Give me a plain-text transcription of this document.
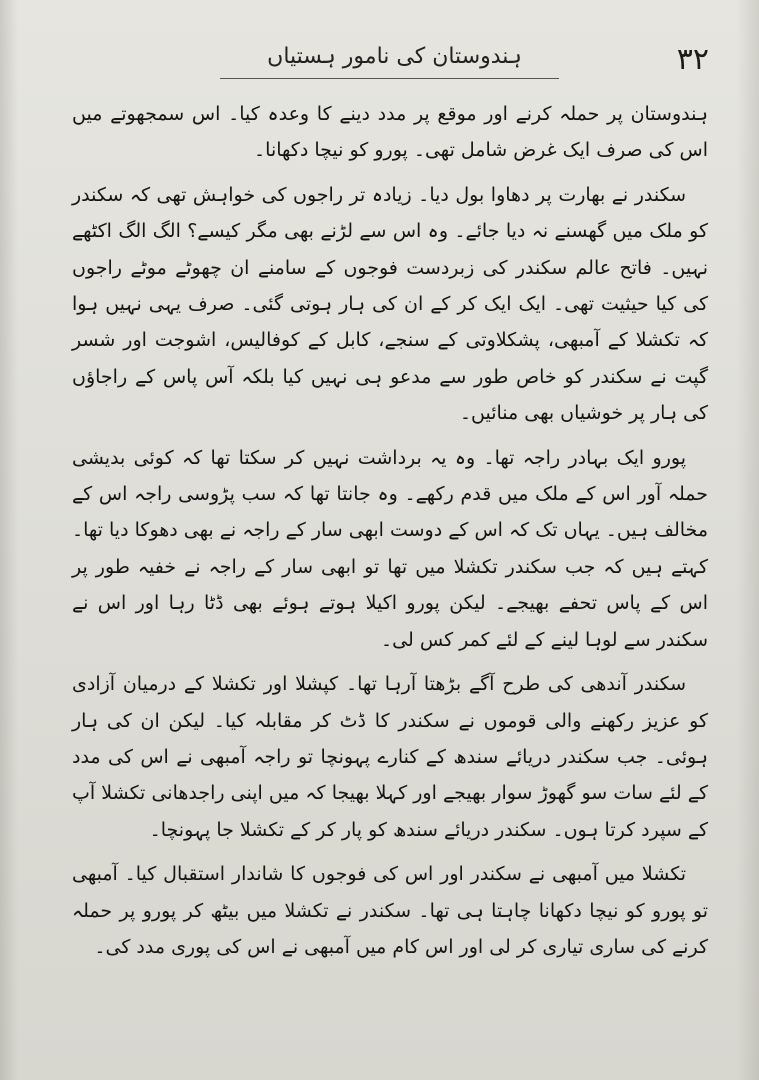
۳۲
ہندوستان کی نامور ہستیاں

ہندوستان پر حملہ کرنے اور موقع پر مدد دینے کا وعدہ کیا۔ اس سمجھوتے میں اس کی صرف ایک غرض شامل تھی۔ پورو کو نیچا دکھانا۔

سکندر نے بھارت پر دھاوا بول دیا۔ زیادہ تر راجوں کی خواہش تھی کہ سکندر کو ملک میں گھسنے نہ دیا جائے۔ وہ اس سے لڑنے بھی مگر کیسے؟ الگ الگ اکٹھے نہیں۔ فاتح عالم سکندر کی زبردست فوجوں کے سامنے ان چھوٹے موٹے راجوں کی کیا حیثیت تھی۔ ایک ایک کر کے ان کی ہار ہوتی گئی۔ صرف یہی نہیں ہوا کہ تکشلا کے آمبھی، پشکلاوتی کے سنجے، کابل کے کوفالیس، اشوجت اور شسر گپت نے سکندر کو خاص طور سے مدعو ہی نہیں کیا بلکہ آس پاس کے راجاؤں کی ہار پر خوشیاں بھی منائیں۔

پورو ایک بہادر راجہ تھا۔ وہ یہ برداشت نہیں کر سکتا تھا کہ کوئی بدیشی حملہ آور اس کے ملک میں قدم رکھے۔ وہ جانتا تھا کہ سب پڑوسی راجہ اس کے مخالف ہیں۔ یہاں تک کہ اس کے دوست ابھی سار کے راجہ نے بھی دھوکا دیا تھا۔ کہتے ہیں کہ جب سکندر تکشلا میں تھا تو ابھی سار کے راجہ نے خفیہ طور پر اس کے پاس تحفے بھیجے۔ لیکن پورو اکیلا ہوتے ہوئے بھی ڈٹا رہا اور اس نے سکندر سے لوہا لینے کے لئے کمر کس لی۔

سکندر آندھی کی طرح آگے بڑھتا آرہا تھا۔ کپشلا اور تکشلا کے درمیان آزادی کو عزیز رکھنے والی قوموں نے سکندر کا ڈٹ کر مقابلہ کیا۔ لیکن ان کی ہار ہوئی۔ جب سکندر دریائے سندھ کے کنارے پہونچا تو راجہ آمبھی نے اس کی مدد کے لئے سات سو گھوڑ سوار بھیجے اور کہلا بھیجا کہ میں اپنی راجدھانی تکشلا آپ کے سپرد کرتا ہوں۔ سکندر دریائے سندھ کو پار کر کے تکشلا جا پہونچا۔

تکشلا میں آمبھی نے سکندر اور اس کی فوجوں کا شاندار استقبال کیا۔ آمبھی تو پورو کو نیچا دکھانا چاہتا ہی تھا۔ سکندر نے تکشلا میں بیٹھ کر پورو پر حملہ کرنے کی ساری تیاری کر لی اور اس کام میں آمبھی نے اس کی پوری مدد کی۔
